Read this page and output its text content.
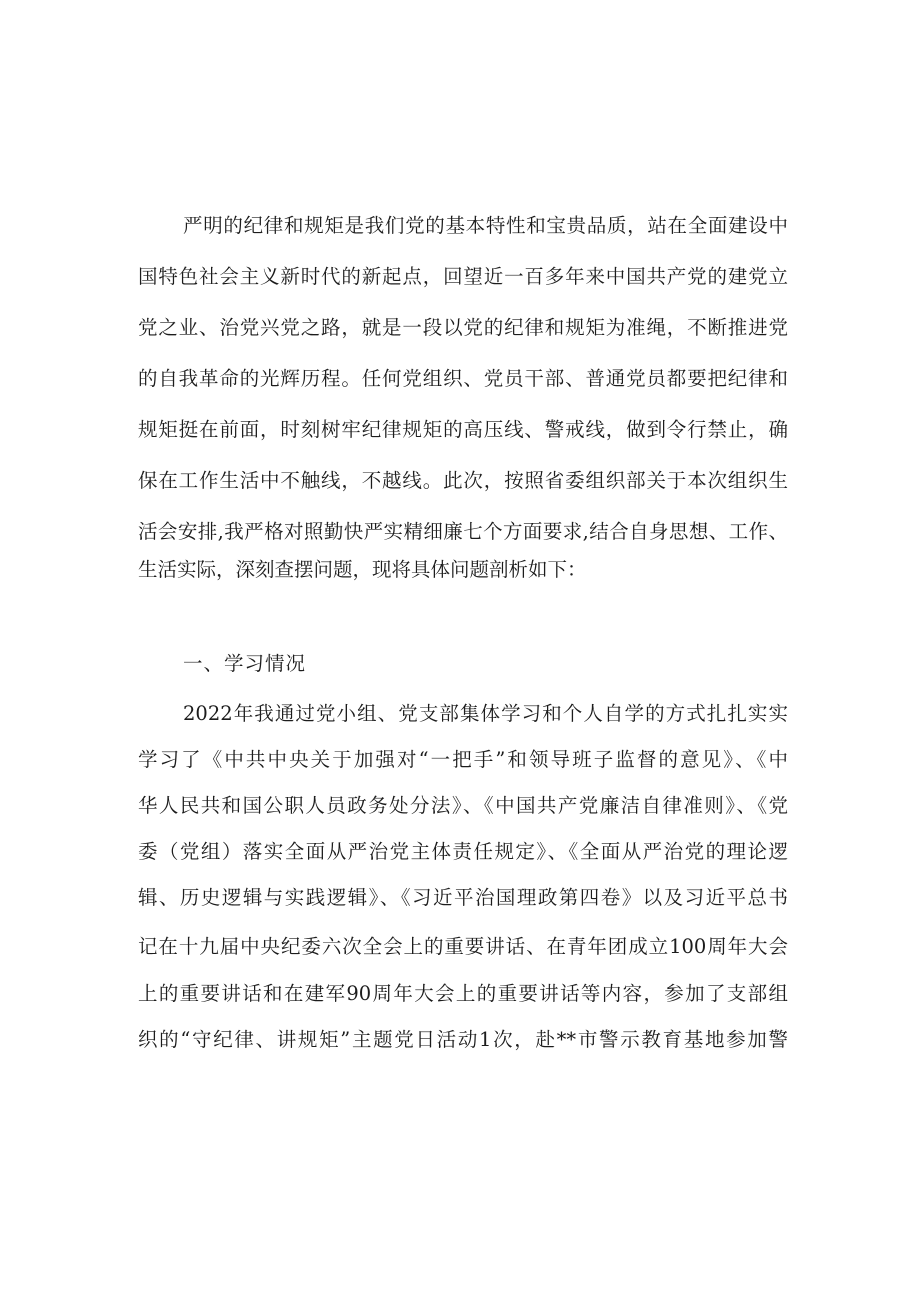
严明的纪律和规矩是我们党的基本特性和宝贵品质，站在全面建设中
国特色社会主义新时代的新起点，回望近一百多年来中国共产党的建党立
党之业、治党兴党之路，就是一段以党的纪律和规矩为准绳，不断推进党
的自我革命的光辉历程。任何党组织、党员干部、普通党员都要把纪律和
规矩挺在前面，时刻树牢纪律规矩的高压线、警戒线，做到令行禁止，确
保在工作生活中不触线，不越线。此次，按照省委组织部关于本次组织生
活会安排,我严格对照勤快严实精细廉七个方面要求,结合自身思想、工作、
生活实际，深刻查摆问题，现将具体问题剖析如下：
一、学习情况
2022年我通过党小组、党支部集体学习和个人自学的方式扎扎实实
学习了《中共中央关于加强对“一把手”和领导班子监督的意见》、《中
华人民共和国公职人员政务处分法》、《中国共产党廉洁自律准则》、《党
委（党组）落实全面从严治党主体责任规定》、《全面从严治党的理论逻
辑、历史逻辑与实践逻辑》、《习近平治国理政第四卷》以及习近平总书
记在十九届中央纪委六次全会上的重要讲话、在青年团成立100周年大会
上的重要讲话和在建军90周年大会上的重要讲话等内容，参加了支部组
织的“守纪律、讲规矩”主题党日活动1次，赴**市警示教育基地参加警
